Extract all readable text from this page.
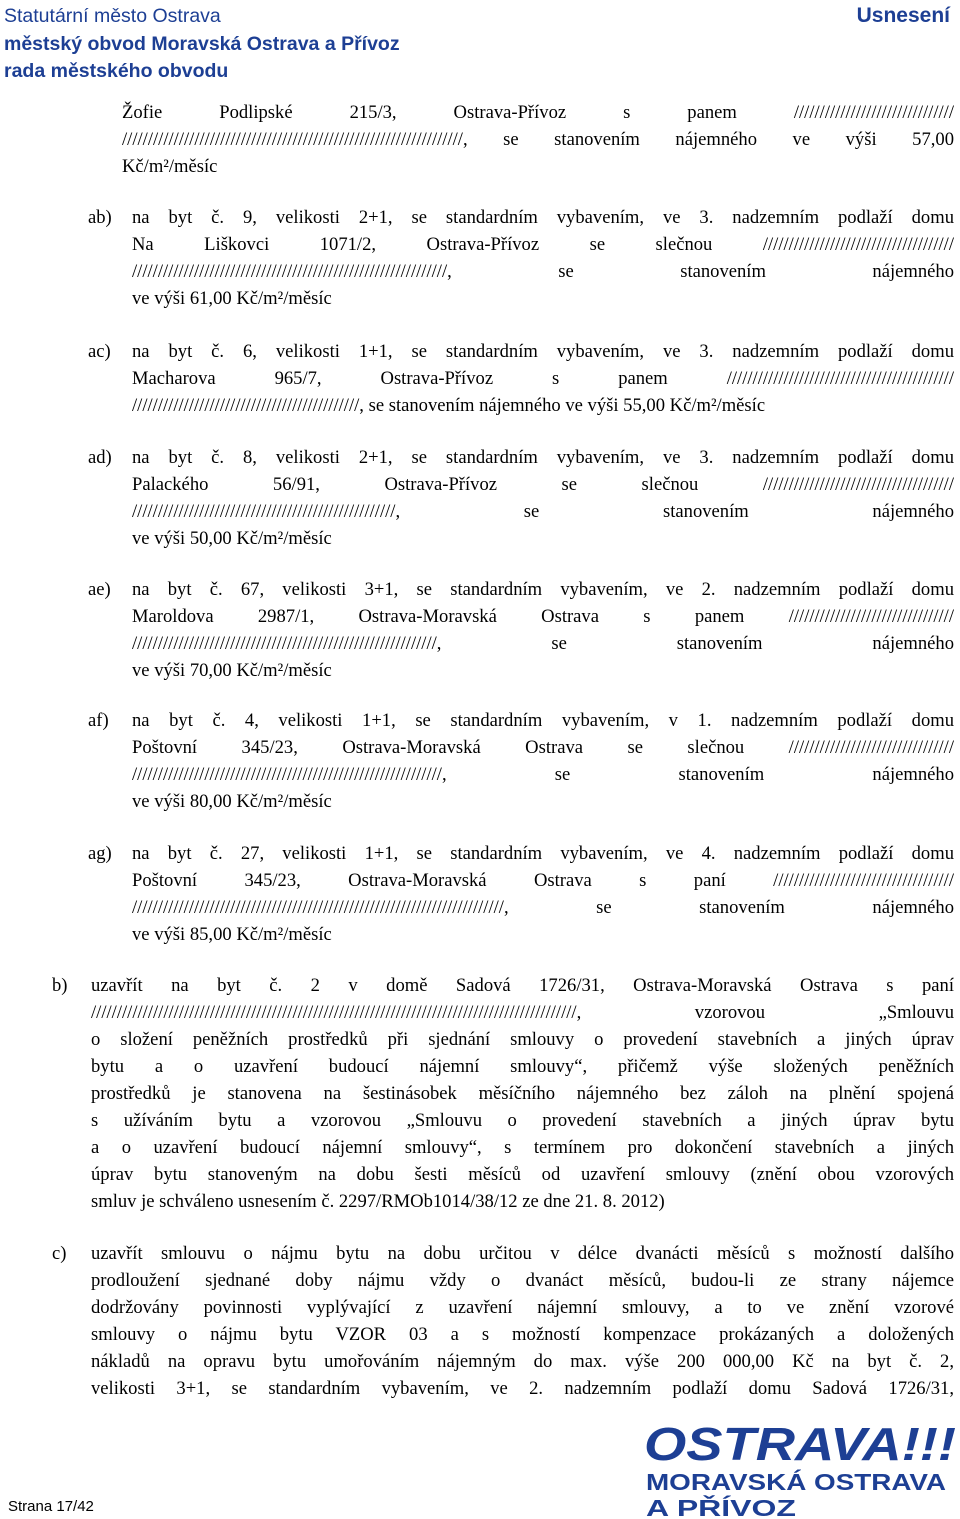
Statutární město Ostrava
městský obvod Moravská Ostrava a Přívoz
rada městského obvodu
Usnesení
Žofie Podlipské 215/3, Ostrava-Přívoz s panem ///////////////////////////////
//////////////////////////////////////////////////////////////////, se stanovením nájemného ve výši 57,00
Kč/m²/měsíc
ab) na byt č. 9, velikosti 2+1, se standardním vybavením, ve 3. nadzemním podlaží domu
Na Liškovci 1071/2, Ostrava-Přívoz se slečnou /////////////////////////////////////
/////////////////////////////////////////////////////////////, se stanovením nájemného
ve výši 61,00 Kč/m²/měsíc
ac) na byt č. 6, velikosti 1+1, se standardním vybavením, ve 3. nadzemním podlaží domu
Macharova 965/7, Ostrava-Přívoz s panem ////////////////////////////////////////////
////////////////////////////////////////////, se stanovením nájemného ve výši 55,00 Kč/m²/měsíc
ad) na byt č. 8, velikosti 2+1, se standardním vybavením, ve 3. nadzemním podlaží domu
Palackého 56/91, Ostrava-Přívoz se slečnou /////////////////////////////////////
///////////////////////////////////////////////////, se stanovením nájemného
ve výši 50,00 Kč/m²/měsíc
ae) na byt č. 67, velikosti 3+1, se standardním vybavením, ve 2. nadzemním podlaží domu
Maroldova 2987/1, Ostrava-Moravská Ostrava s panem ////////////////////////////////
///////////////////////////////////////////////////////////, se stanovením nájemného
ve výši 70,00 Kč/m²/měsíc
af) na byt č. 4, velikosti 1+1, se standardním vybavením, v 1. nadzemním podlaží domu
Poštovní 345/23, Ostrava-Moravská Ostrava se slečnou ////////////////////////////////
////////////////////////////////////////////////////////////, se stanovením nájemného
ve výši 80,00 Kč/m²/měsíc
ag) na byt č. 27, velikosti 1+1, se standardním vybavením, ve 4. nadzemním podlaží domu
Poštovní 345/23, Ostrava-Moravská Ostrava s paní ///////////////////////////////////
////////////////////////////////////////////////////////////////////////, se stanovením nájemného
ve výši 85,00 Kč/m²/měsíc
b) uzavřít na byt č. 2 v domě Sadová 1726/31, Ostrava-Moravská Ostrava s paní
//////////////////////////////////////////////////////////////////////////////////////////////, vzorovou „Smlouvu
o složení peněžních prostředků při sjednání smlouvy o provedení stavebních a jiných úprav
bytu a o uzavření budoucí nájemní smlouvy“, přičemž výše složených peněžních
prostředků je stanovena na šestinásobek měsíčního nájemného bez záloh na plnění spojená
s užíváním bytu a vzorovou „Smlouvu o provedení stavebních a jiných úprav bytu
a o uzavření budoucí nájemní smlouvy“, s termínem pro dokončení stavebních a jiných
úprav bytu stanoveným na dobu šesti měsíců od uzavření smlouvy (znění obou vzorových
smluv je schváleno usnesením č. 2297/RMOb1014/38/12 ze dne 21. 8. 2012)
c) uzavřít smlouvu o nájmu bytu na dobu určitou v délce dvanácti měsíců s možností dalšího
prodloužení sjednané doby nájmu vždy o dvanáct měsíců, budou-li ze strany nájemce
dodržovány povinnosti vyplývající z uzavření nájemní smlouvy, a to ve znění vzorové
smlouvy o nájmu bytu VZOR 03 a s možností kompenzace prokázaných a doložených
nákladů na opravu bytu umořováním nájemným do max. výše 200 000,00 Kč na byt č. 2,
velikosti 3+1, se standardním vybavením, ve 2. nadzemním podlaží domu Sadová 1726/31,
Strana 17/42
OSTRAVA!!!
MORAVSKÁ OSTRAVA
A PŘÍVOZ
